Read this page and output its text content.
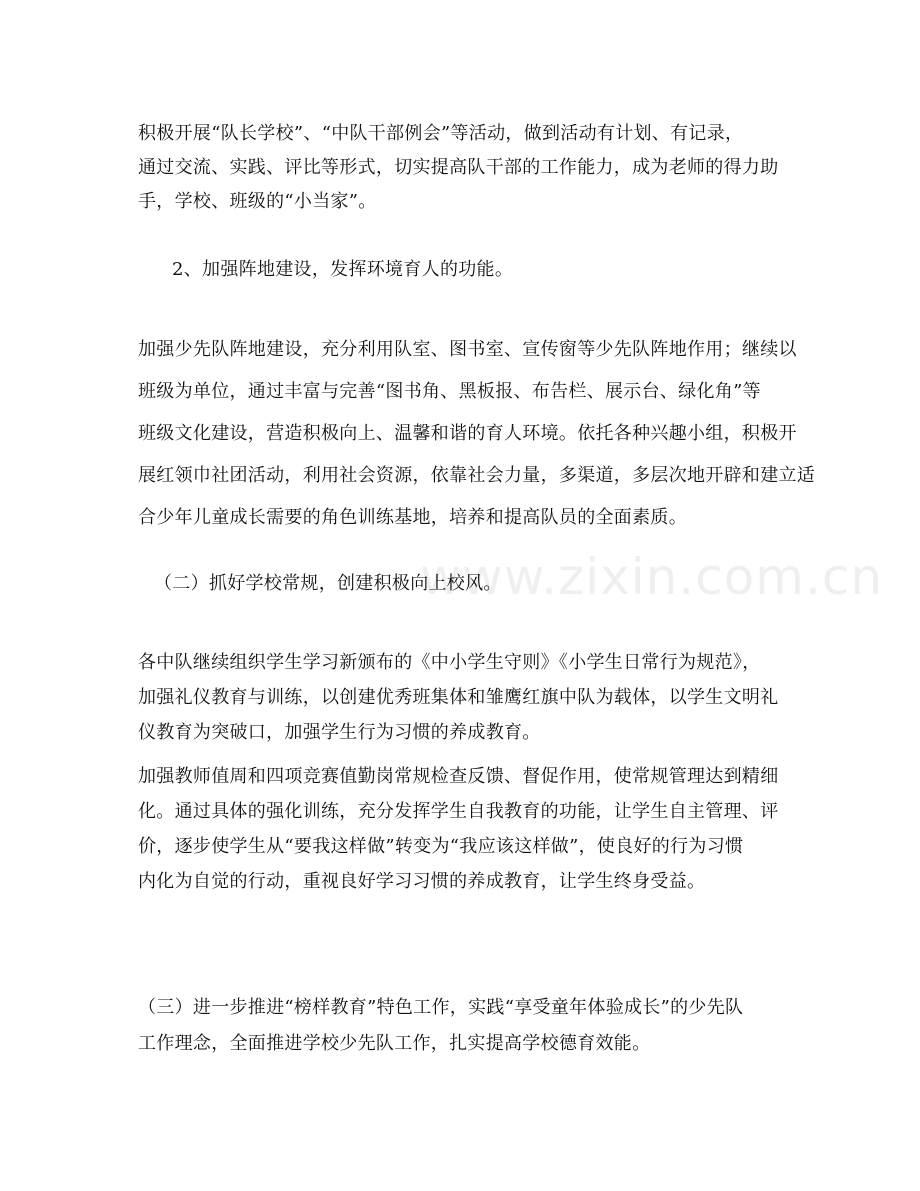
www.zixin.com.cn

积极开展“队长学校”、“中队干部例会”等活动，做到活动有计划、有记录，
通过交流、实践、评比等形式，切实提高队干部的工作能力，成为老师的得力助
手，学校、班级的“小当家”。

2、加强阵地建设，发挥环境育人的功能。

加强少先队阵地建设，充分利用队室、图书室、宣传窗等少先队阵地作用；继续以
班级为单位，通过丰富与完善“图书角、黑板报、布告栏、展示台、绿化角”等
班级文化建设，营造积极向上、温馨和谐的育人环境。依托各种兴趣小组，积极开
展红领巾社团活动，利用社会资源，依靠社会力量，多渠道，多层次地开辟和建立适
合少年儿童成长需要的角色训练基地，培养和提高队员的全面素质。

（二）抓好学校常规，创建积极向上校风。

各中队继续组织学生学习新颁布的《中小学生守则》《小学生日常行为规范》，
加强礼仪教育与训练，以创建优秀班集体和雏鹰红旗中队为载体，以学生文明礼
仪教育为突破口，加强学生行为习惯的养成教育。

加强教师值周和四项竞赛值勤岗常规检查反馈、督促作用，使常规管理达到精细
化。通过具体的强化训练，充分发挥学生自我教育的功能，让学生自主管理、评
价，逐步使学生从“要我这样做”转变为“我应该这样做”，使良好的行为习惯
内化为自觉的行动，重视良好学习习惯的养成教育，让学生终身受益。

（三）进一步推进“榜样教育”特色工作，实践“享受童年体验成长”的少先队
工作理念，全面推进学校少先队工作，扎实提高学校德育效能。
